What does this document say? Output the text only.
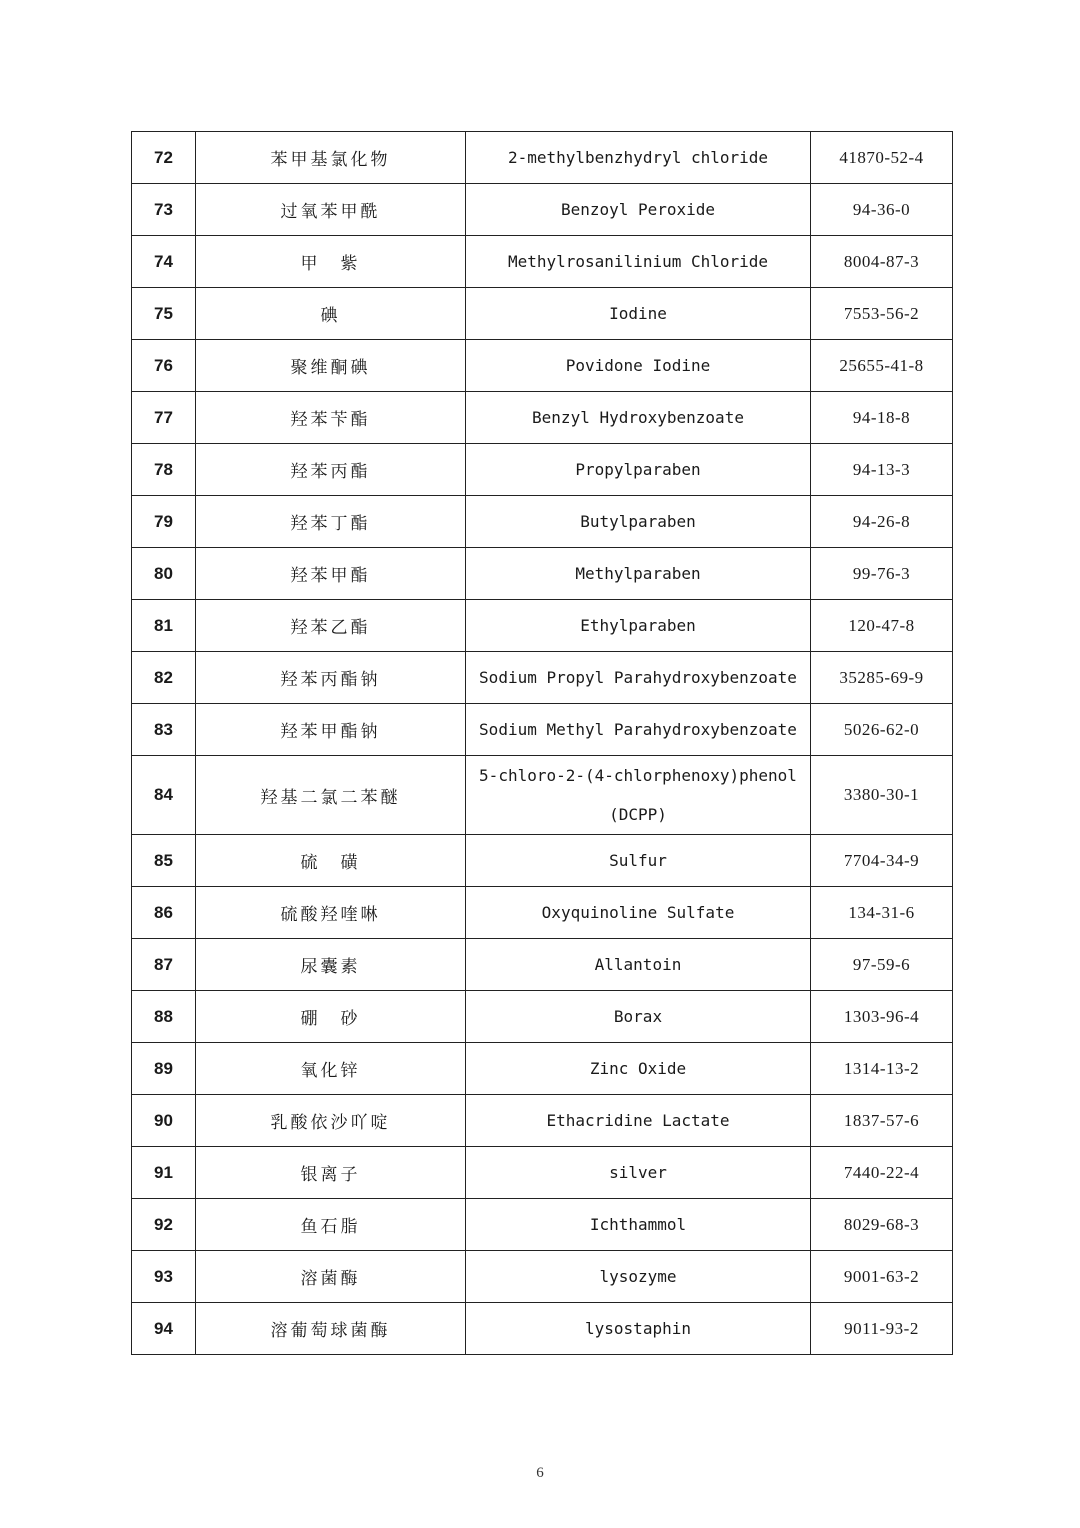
72	苯甲基氯化物	2-methylbenzhydryl chloride	41870-52-4
73	过氧苯甲酰	Benzoyl Peroxide	94-36-0
74	甲　紫	Methylrosanilinium Chloride	8004-87-3
75	碘	Iodine	7553-56-2
76	聚维酮碘	Povidone Iodine	25655-41-8
77	羟苯苄酯	Benzyl Hydroxybenzoate	94-18-8
78	羟苯丙酯	Propylparaben	94-13-3
79	羟苯丁酯	Butylparaben	94-26-8
80	羟苯甲酯	Methylparaben	99-76-3
81	羟苯乙酯	Ethylparaben	120-47-8
82	羟苯丙酯钠	Sodium Propyl Parahydroxybenzoate	35285-69-9
83	羟苯甲酯钠	Sodium Methyl Parahydroxybenzoate	5026-62-0
84	羟基二氯二苯醚	5-chloro-2-(4-chlorphenoxy)phenol (DCPP)	3380-30-1
85	硫　磺	Sulfur	7704-34-9
86	硫酸羟喹啉	Oxyquinoline Sulfate	134-31-6
87	尿囊素	Allantoin	97-59-6
88	硼　砂	Borax	1303-96-4
89	氧化锌	Zinc Oxide	1314-13-2
90	乳酸依沙吖啶	Ethacridine Lactate	1837-57-6
91	银离子	silver	7440-22-4
92	鱼石脂	Ichthammol	8029-68-3
93	溶菌酶	lysozyme	9001-63-2
94	溶葡萄球菌酶	lysostaphin	9011-93-2
6
